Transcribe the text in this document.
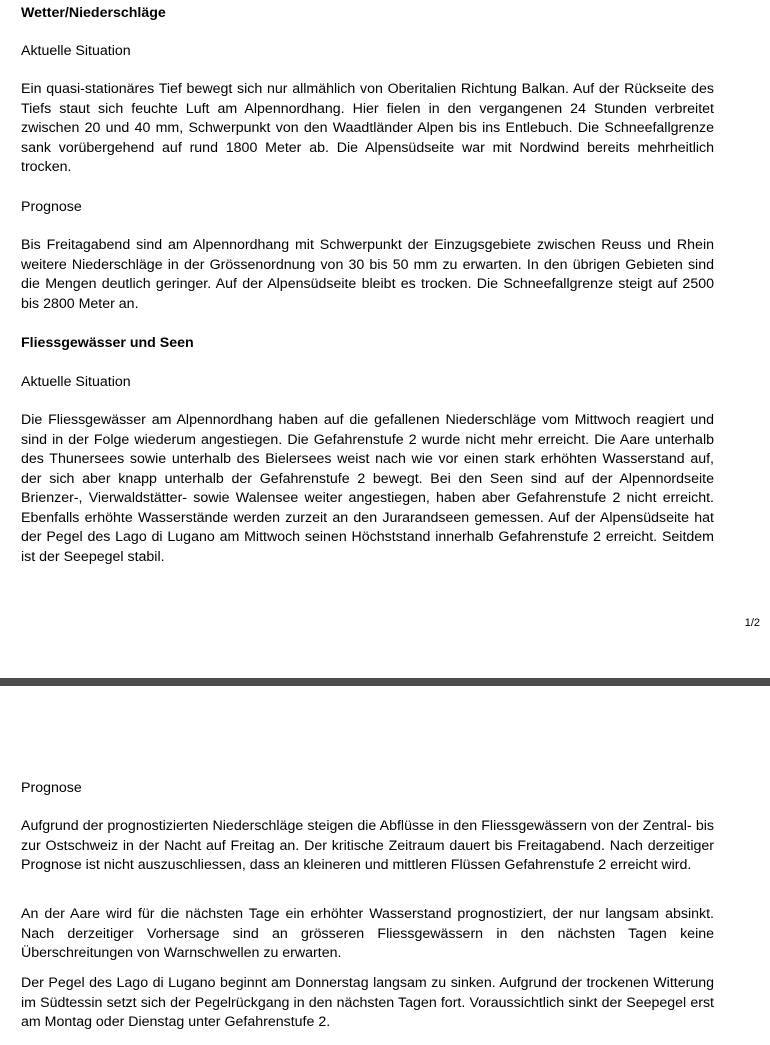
Wetter/Niederschläge

Aktuelle Situation

Ein quasi-stationäres Tief bewegt sich nur allmählich von Oberitalien Richtung Balkan. Auf der Rückseite des Tiefs staut sich feuchte Luft am Alpennordhang. Hier fielen in den vergangenen 24 Stunden verbreitet zwischen 20 und 40 mm, Schwerpunkt von den Waadtländer Alpen bis ins Entlebuch. Die Schneefallgrenze sank vorübergehend auf rund 1800 Meter ab. Die Alpensüdseite war mit Nordwind bereits mehrheitlich trocken.

Prognose

Bis Freitagabend sind am Alpennordhang mit Schwerpunkt der Einzugsgebiete zwischen Reuss und Rhein weitere Niederschläge in der Grössenordnung von 30 bis 50 mm zu erwarten. In den übrigen Gebieten sind die Mengen deutlich geringer. Auf der Alpensüdseite bleibt es trocken. Die Schneefallgrenze steigt auf 2500 bis 2800 Meter an.

Fliessgewässer und Seen

Aktuelle Situation

Die Fliessgewässer am Alpennordhang haben auf die gefallenen Niederschläge vom Mittwoch reagiert und sind in der Folge wiederum angestiegen. Die Gefahrenstufe 2 wurde nicht mehr erreicht. Die Aare unterhalb des Thunersees sowie unterhalb des Bielersees weist nach wie vor einen stark erhöhten Wasserstand auf, der sich aber knapp unterhalb der Gefahrenstufe 2 bewegt. Bei den Seen sind auf der Alpennordseite Brienzer-, Vierwaldstätter- sowie Walensee weiter angestiegen, haben aber Gefahrenstufe 2 nicht erreicht. Ebenfalls erhöhte Wasserstände werden zurzeit an den Jurarandseen gemessen. Auf der Alpensüdseite hat der Pegel des Lago di Lugano am Mittwoch seinen Höchststand innerhalb Gefahrenstufe 2 erreicht. Seitdem ist der Seepegel stabil.

1/2

Prognose

Aufgrund der prognostizierten Niederschläge steigen die Abflüsse in den Fliessgewässern von der Zentral- bis zur Ostschweiz in der Nacht auf Freitag an. Der kritische Zeitraum dauert bis Freitagabend. Nach derzeitiger Prognose ist nicht auszuschliessen, dass an kleineren und mittleren Flüssen Gefahrenstufe 2 erreicht wird.

An der Aare wird für die nächsten Tage ein erhöhter Wasserstand prognostiziert, der nur langsam absinkt. Nach derzeitiger Vorhersage sind an grösseren Fliessgewässern in den nächsten Tagen keine Überschreitungen von Warnschwellen zu erwarten.

Der Pegel des Lago di Lugano beginnt am Donnerstag langsam zu sinken. Aufgrund der trockenen Witterung im Südtessin setzt sich der Pegelrückgang in den nächsten Tagen fort. Voraussichtlich sinkt der Seepegel erst am Montag oder Dienstag unter Gefahrenstufe 2.
